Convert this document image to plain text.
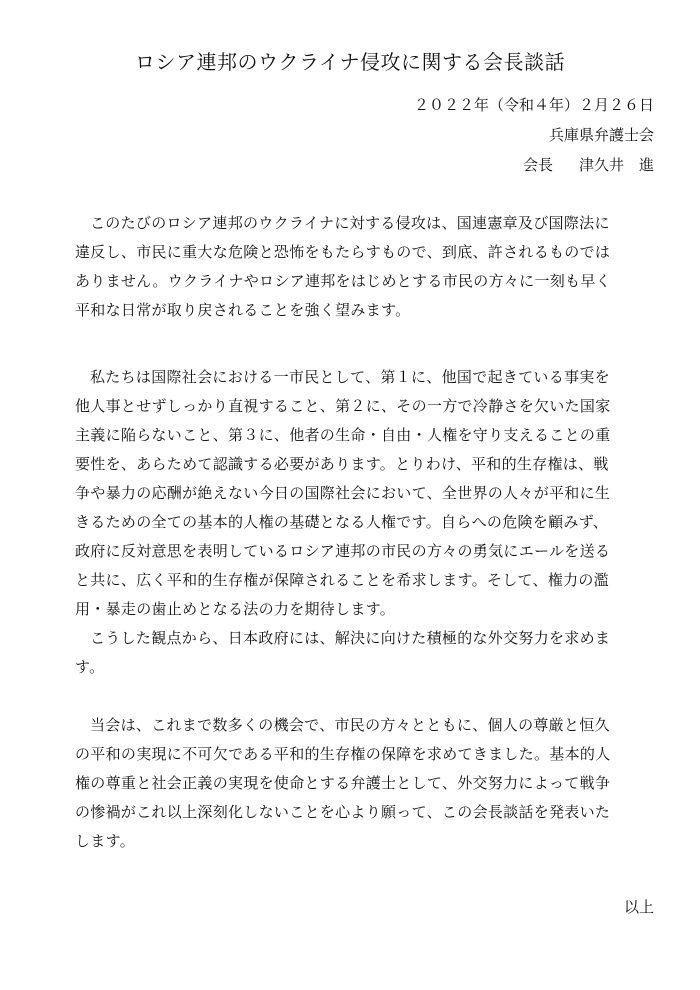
ロシア連邦のウクライナ侵攻に関する会長談話
２０２２年（令和４年）２月２６日
兵庫県弁護士会
会長 津久井　進
このたびのロシア連邦のウクライナに対する侵攻は、国連憲章及び国際法に
違反し、市民に重大な危険と恐怖をもたらすもので、到底、許されるものでは
ありません。ウクライナやロシア連邦をはじめとする市民の方々に一刻も早く
平和な日常が取り戻されることを強く望みます。
私たちは国際社会における一市民として、第１に、他国で起きている事実を
他人事とせずしっかり直視すること、第２に、その一方で冷静さを欠いた国家
主義に陥らないこと、第３に、他者の生命・自由・人権を守り支えることの重
要性を、あらためて認識する必要があります。とりわけ、平和的生存権は、戦
争や暴力の応酬が絶えない今日の国際社会において、全世界の人々が平和に生
きるための全ての基本的人権の基礎となる人権です。自らへの危険を顧みず、
政府に反対意思を表明しているロシア連邦の市民の方々の勇気にエールを送る
と共に、広く平和的生存権が保障されることを希求します。そして、権力の濫
用・暴走の歯止めとなる法の力を期待します。
こうした観点から、日本政府には、解決に向けた積極的な外交努力を求めま
す。
当会は、これまで数多くの機会で、市民の方々とともに、個人の尊厳と恒久
の平和の実現に不可欠である平和的生存権の保障を求めてきました。基本的人
権の尊重と社会正義の実現を使命とする弁護士として、外交努力によって戦争
の惨禍がこれ以上深刻化しないことを心より願って、この会長談話を発表いた
します。
以上
